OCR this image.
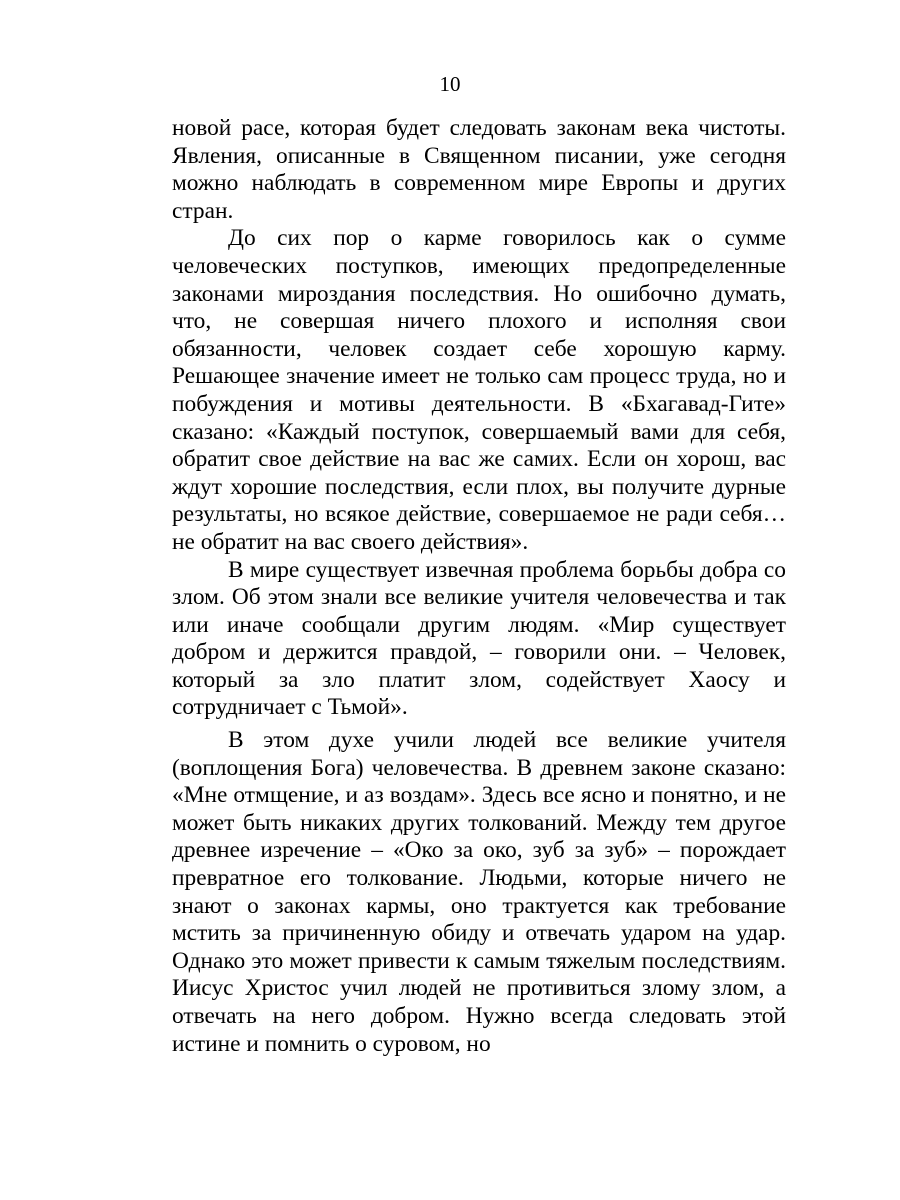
10

новой расе, которая будет следовать законам века чистоты. Явления, описанные в Священном писании, уже сегодня можно наблюдать в современном мире Европы и других стран.

До сих пор о карме говорилось как о сумме человеческих поступков, имеющих предопределенные законами мироздания последствия. Но ошибочно думать, что, не совершая ничего плохого и исполняя свои обязанности, человек создает себе хорошую карму. Решающее значение имеет не только сам процесс труда, но и побуждения и мотивы деятельности. В «Бхагавад-Гите» сказано: «Каждый поступок, совершаемый вами для себя, обратит свое действие на вас же самих. Если он хорош, вас ждут хорошие последствия, если плох, вы получите дурные результаты, но всякое действие, совершаемое не ради себя… не обратит на вас своего действия».

В мире существует извечная проблема борьбы добра со злом. Об этом знали все великие учителя человечества и так или иначе сообщали другим людям. «Мир существует добром и держится правдой, – говорили они. – Человек, который за зло платит злом, содействует Хаосу и сотрудничает с Тьмой».

В этом духе учили людей все великие учителя (воплощения Бога) человечества. В древнем законе сказано: «Мне отмщение, и аз воздам». Здесь все ясно и понятно, и не может быть никаких других толкований. Между тем другое древнее изречение – «Око за око, зуб за зуб» – порождает превратное его толкование. Людьми, которые ничего не знают о законах кармы, оно трактуется как требование мстить за причиненную обиду и отвечать ударом на удар. Однако это может привести к самым тяжелым последствиям. Иисус Христос учил людей не противиться злому злом, а отвечать на него добром. Нужно всегда следовать этой истине и помнить о суровом, но
